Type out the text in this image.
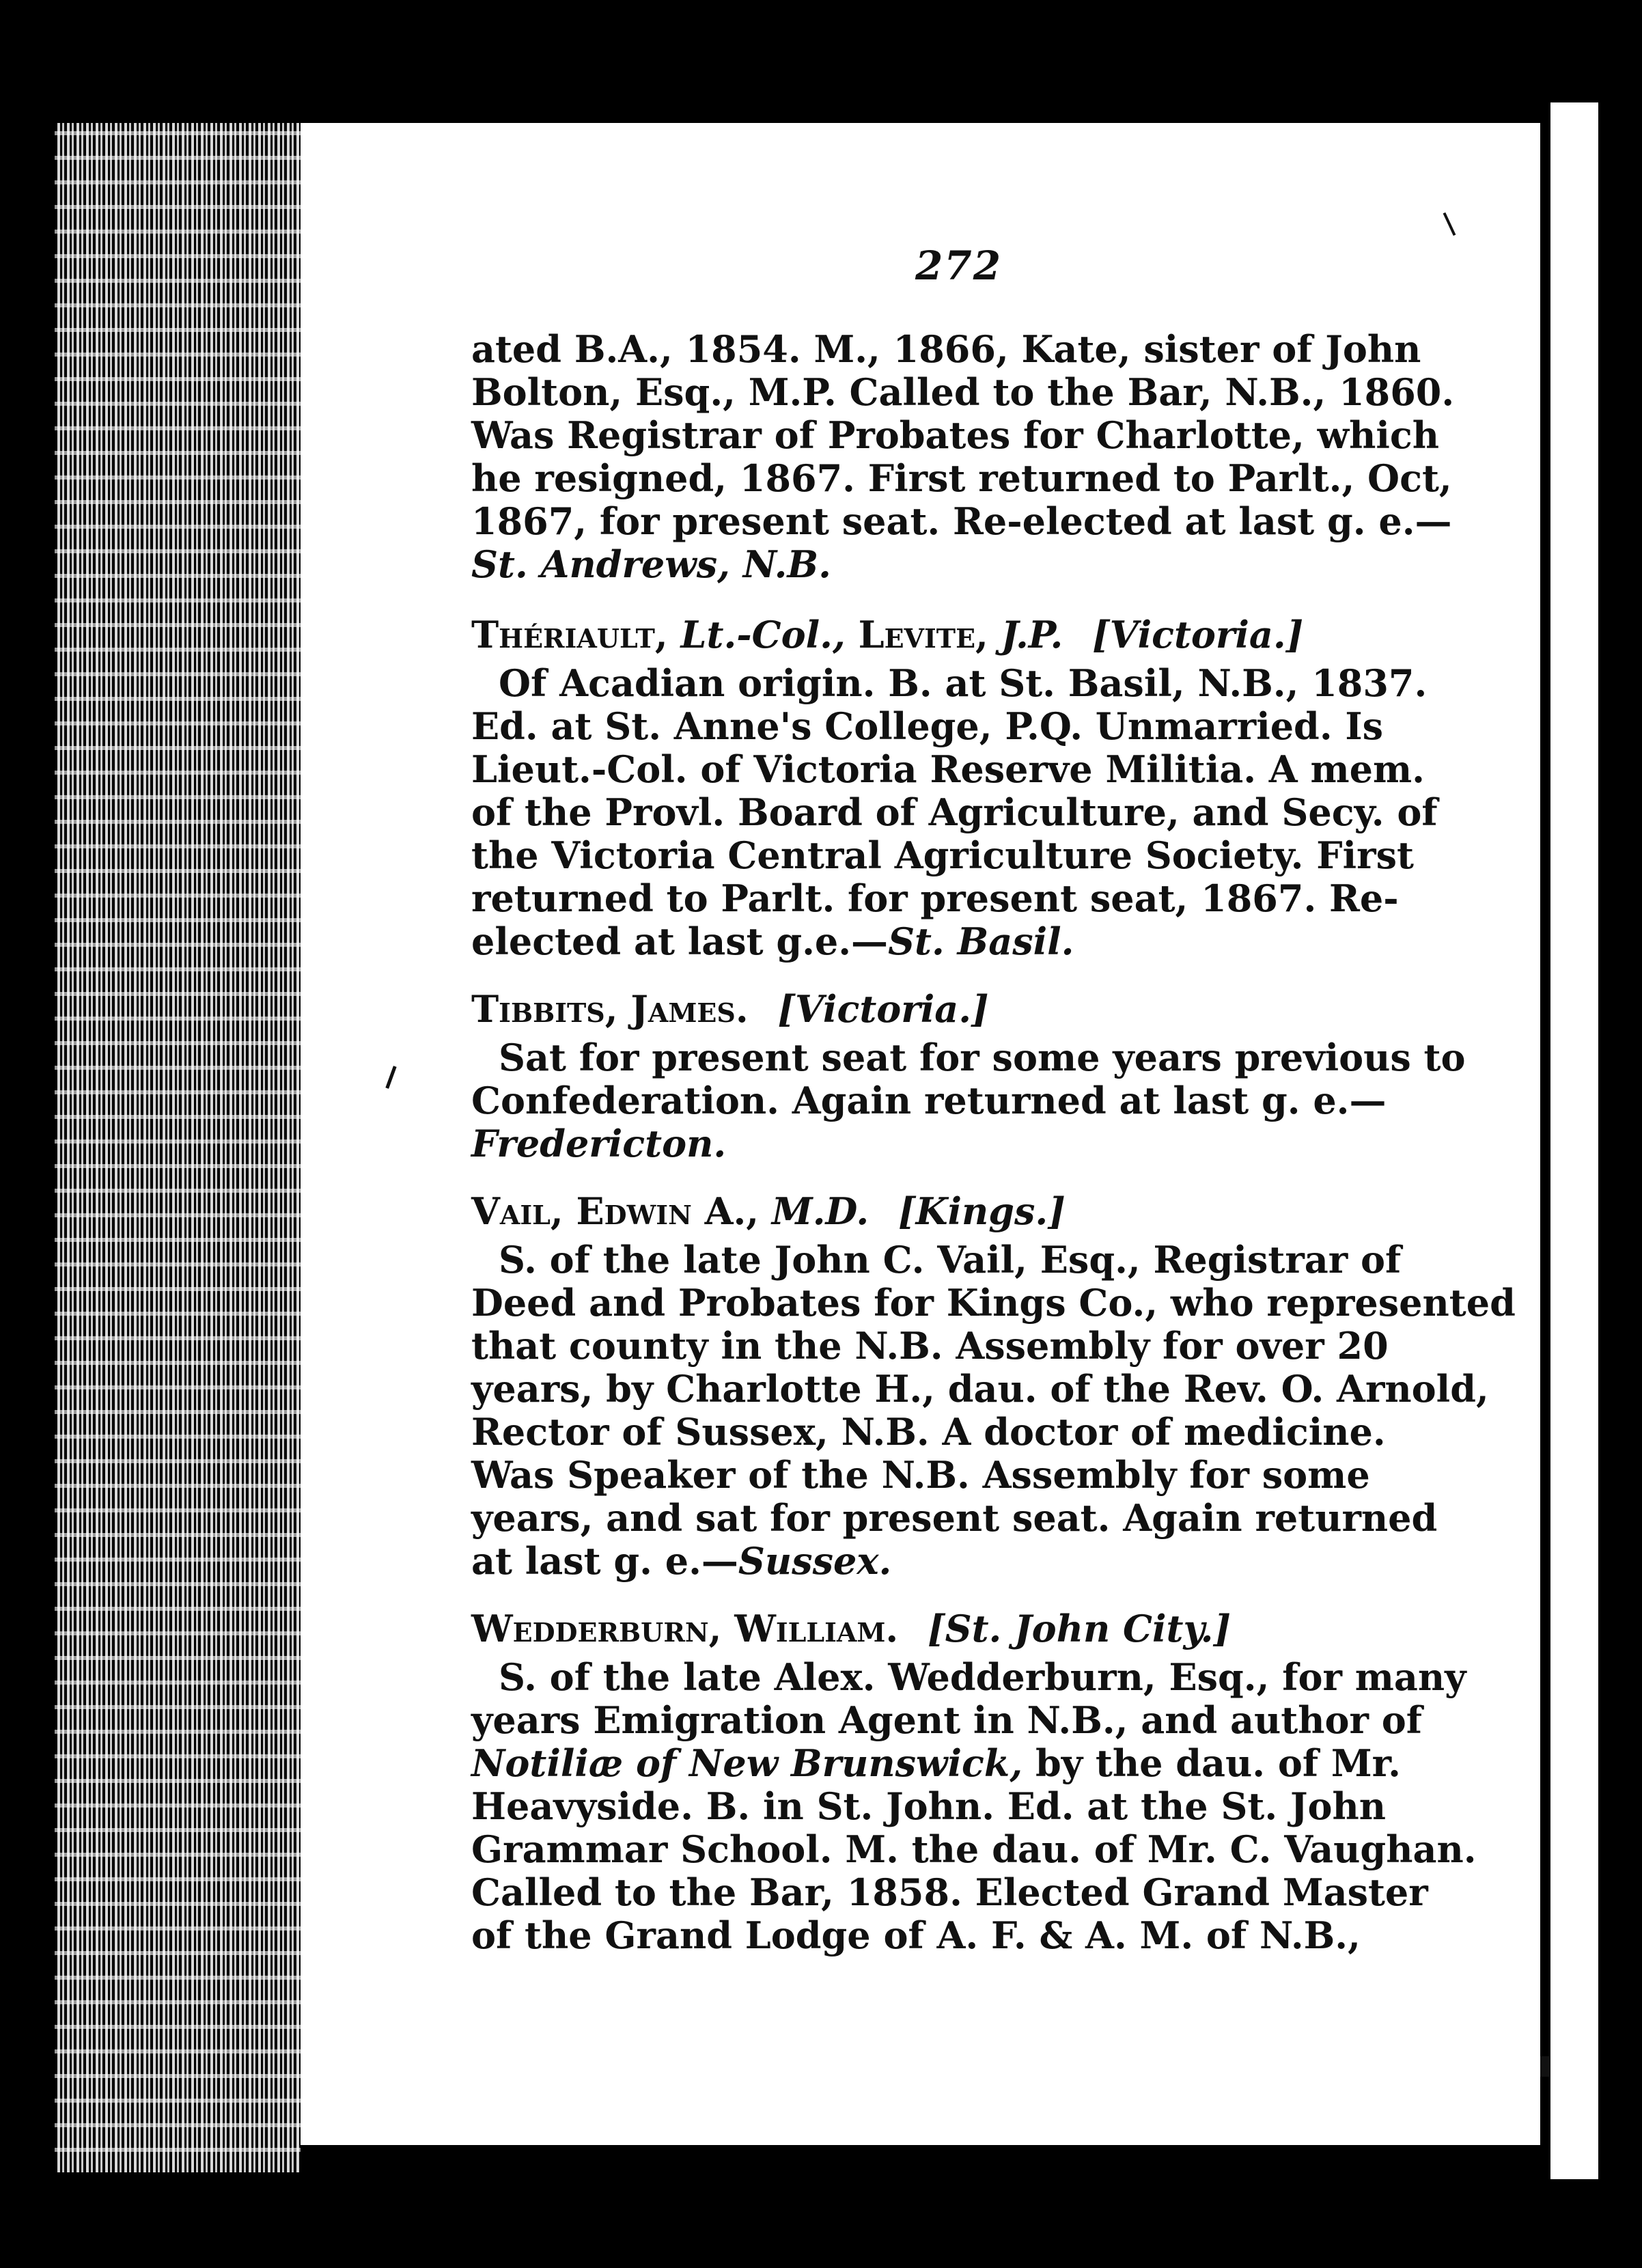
272
ated B.A., 1854. M., 1866, Kate, sister of John
Bolton, Esq., M.P. Called to the Bar, N.B., 1860.
Was Registrar of Probates for Charlotte, which
he resigned, 1867. First returned to Parlt., Oct,
1867, for present seat. Re-elected at last g. e.—
St. Andrews, N.B.
Thériault, Lt.-Col., Levite, J.P. [Victoria.]
Of Acadian origin. B. at St. Basil, N.B., 1837.
Ed. at St. Anne's College, P.Q. Unmarried. Is
Lieut.-Col. of Victoria Reserve Militia. A mem.
of the Provl. Board of Agriculture, and Secy. of
the Victoria Central Agriculture Society. First
returned to Parlt. for present seat, 1867. Re-
elected at last g.e.—St. Basil.
Tibbits, James. [Victoria.]
Sat for present seat for some years previous to
Confederation. Again returned at last g. e.—
Fredericton.
Vail, Edwin A., M.D. [Kings.]
S. of the late John C. Vail, Esq., Registrar of
Deed and Probates for Kings Co., who represented
that county in the N.B. Assembly for over 20
years, by Charlotte H., dau. of the Rev. O. Arnold,
Rector of Sussex, N.B. A doctor of medicine.
Was Speaker of the N.B. Assembly for some
years, and sat for present seat. Again returned
at last g. e.—Sussex.
Wedderburn, William. [St. John City.]
S. of the late Alex. Wedderburn, Esq., for many
years Emigration Agent in N.B., and author of
Notiliæ of New Brunswick, by the dau. of Mr.
Heavyside. B. in St. John. Ed. at the St. John
Grammar School. M. the dau. of Mr. C. Vaughan.
Called to the Bar, 1858. Elected Grand Master
of the Grand Lodge of A. F. & A. M. of N.B.,
